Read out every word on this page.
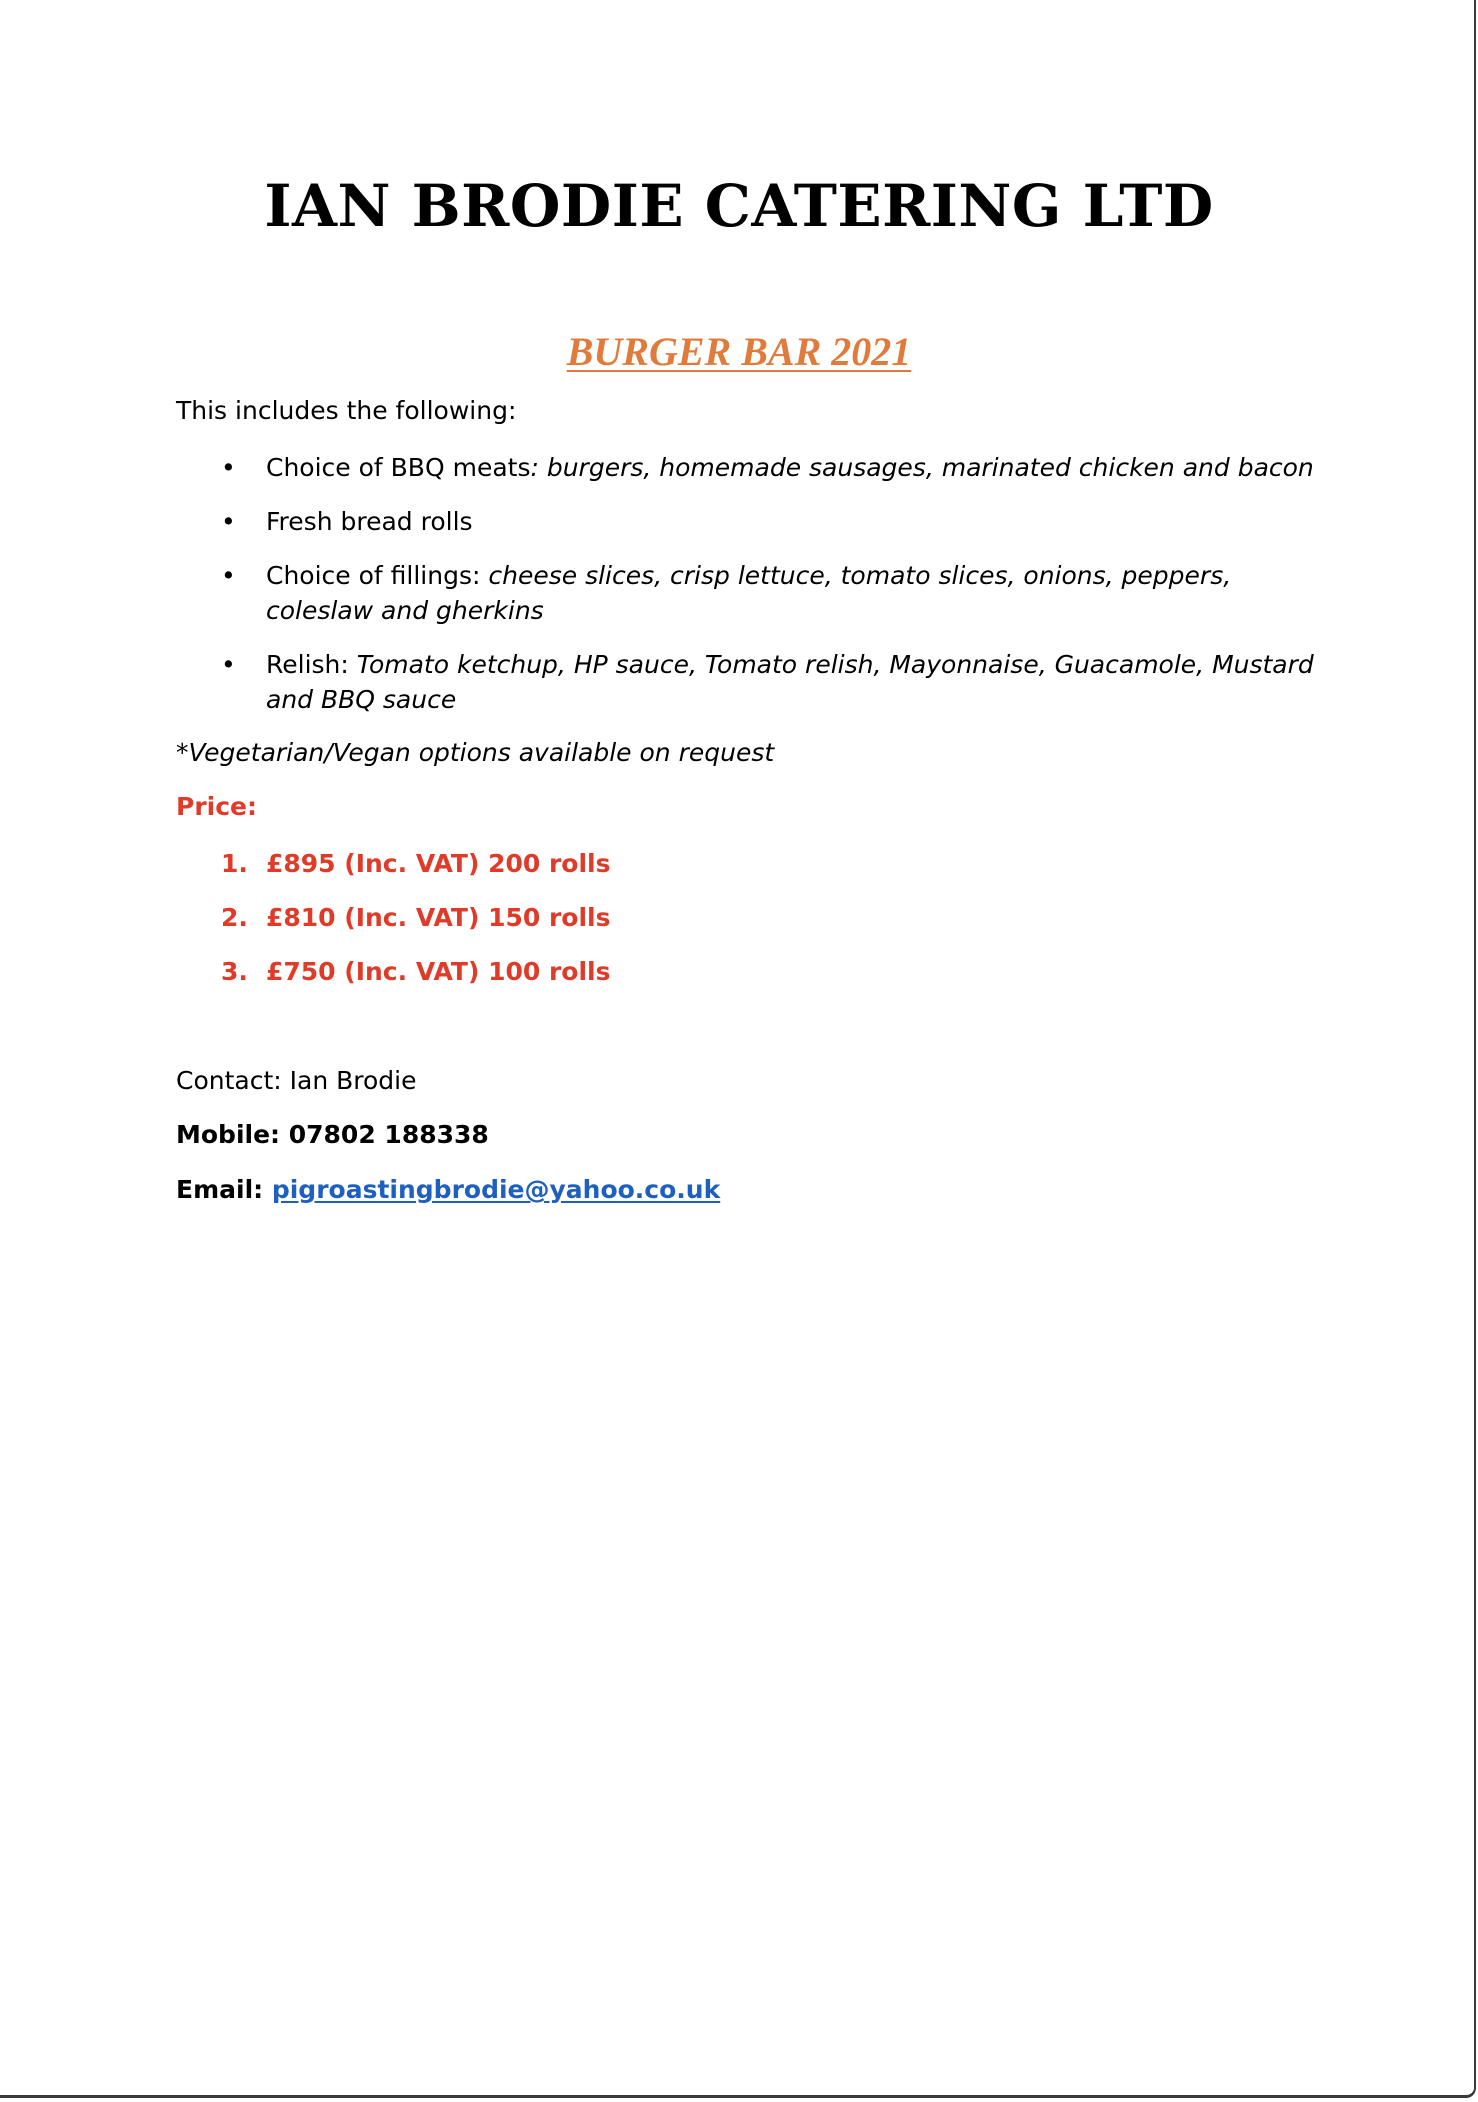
IAN BRODIE CATERING LTD
BURGER BAR 2021

This includes the following:

• Choice of BBQ meats: burgers, homemade sausages, marinated chicken and bacon
• Fresh bread rolls
• Choice of fillings: cheese slices, crisp lettuce, tomato slices, onions, peppers, coleslaw and gherkins
• Relish: Tomato ketchup, HP sauce, Tomato relish, Mayonnaise, Guacamole, Mustard and BBQ sauce

*Vegetarian/Vegan options available on request

Price:

1. £895 (Inc. VAT) 200 rolls
2. £810 (Inc. VAT) 150 rolls
3. £750 (Inc. VAT) 100 rolls

Contact: Ian Brodie

Mobile: 07802 188338

Email: pigroastingbrodie@yahoo.co.uk
